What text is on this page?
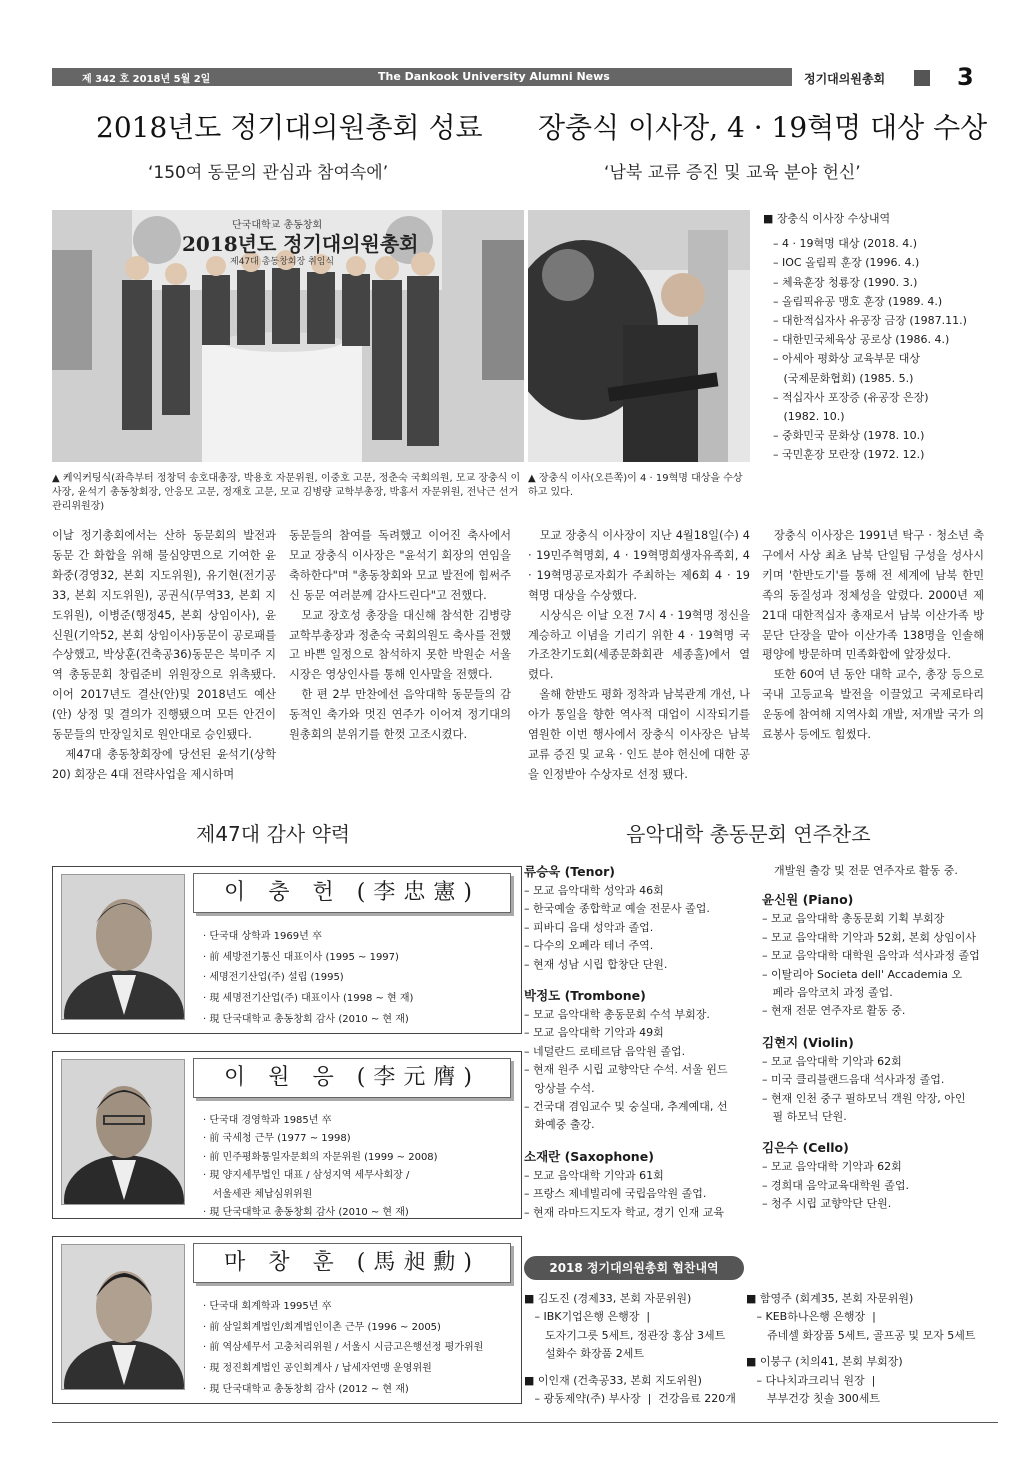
제 342 호 2018년 5월 2일	The Dankook University Alumni News	정기대의원총회	3
2018년도 정기대의원총회 성료
‘150여 동문의 관심과 참여속에’
단국대학교 총동창회
2018년도 정기대의원총회
제47대 총동창회장 취임식
▲ 케익커팅식(좌측부터 정창덕 송호대총장, 박용호 자문위원, 이중호 고문, 정춘숙 국회의원, 모교 장충식 이사장, 윤석기 총동창회장, 안응모 고문, 정재호 고문, 모교 김병량 교학부총장, 박홍서 자문위원, 전낙근 선거관리위원장)
이날 정기총회에서는 산하 동문회의 발전과 동문 간 화합을 위해 물심양면으로 기여한 윤화중(경영32, 본회 지도위원), 유기현(전기공33, 본회 지도위원), 공권식(무역33, 본회 지도위원), 이병준(행정45, 본회 상임이사), 윤신원(기악52, 본회 상임이사)동문이 공로패를 수상했고, 박상훈(건축공36)동문은 북미주 지역 총동문회 창립준비 위원장으로 위촉됐다. 이어 2017년도 결산(안)및 2018년도 예산(안) 상정 및 결의가 진행됐으며 모든 안건이 동문들의 만장일치로 원안대로 승인됐다.
　제47대 총동창회장에 당선된 윤석기(상학20) 회장은 4대 전략사업을 제시하며
동문들의 참여를 독려했고 이어진 축사에서 모교 장충식 이사장은 "윤석기 회장의 연임을 축하한다"며 "총동창회와 모교 발전에 힘써주신 동문 여러분께 감사드린다"고 전했다.
　모교 장호성 총장을 대신해 참석한 김병량 교학부총장과 정춘숙 국회의원도 축사를 전했고 바쁜 일정으로 참석하지 못한 박원순 서울시장은 영상인사를 통해 인사말을 전했다.
　한 편 2부 만찬에선 음악대학 동문들의 감동적인 축가와 멋진 연주가 이어져 정기대의원총회의 분위기를 한껏 고조시켰다.
장충식 이사장, 4 · 19혁명 대상 수상
‘남북 교류 증진 및 교육 분야 헌신’
▲ 장충식 이사(오른쪽)이 4 · 19혁명 대상을 수상하고 있다.
■ 장충식 이사장 수상내역
– 4 · 19혁명 대상 (2018. 4.)
– IOC 올림픽 훈장 (1996. 4.)
– 체육훈장 청룡장 (1990. 3.)
– 올림픽유공 맹호 훈장 (1989. 4.)
– 대한적십자사 유공장 금장 (1987.11.)
– 대한민국체육상 공로상 (1986. 4.)
– 아세아 평화상 교육부문 대상
(국제문화협회) (1985. 5.)
– 적십자사 포장증 (유공장 은장)
(1982. 10.)
– 중화민국 문화상 (1978. 10.)
– 국민훈장 모란장 (1972. 12.)
　모교 장충식 이사장이 지난 4월18일(수) 4 · 19민주혁명회, 4 · 19혁명희생자유족회, 4 · 19혁명공로자회가 주최하는 제6회 4 · 19혁명 대상을 수상했다.
　시상식은 이날 오전 7시 4 · 19혁명 정신을 계승하고 이념을 기리기 위한 4 · 19혁명 국가조찬기도회(세종문화회관 세종홀)에서 열렸다.
　올해 한반도 평화 정착과 남북관계 개선, 나아가 통일을 향한 역사적 대업이 시작되기를 염원한 이번 행사에서 장충식 이사장은 남북 교류 증진 및 교육 · 인도 분야 헌신에 대한 공을 인정받아 수상자로 선정 됐다.
　장충식 이사장은 1991년 탁구 · 청소년 축구에서 사상 최초 남북 단일팀 구성을 성사시키며 '한반도기'를 통해 전 세계에 남북 한민족의 동질성과 정체성을 알렸다. 2000년 제21대 대한적십자 총재로서 남북 이산가족 방문단 단장을 맡아 이산가족 138명을 인솔해 평양에 방문하며 민족화합에 앞장섰다.
　또한 60여 년 동안 대학 교수, 총장 등으로 국내 고등교육 발전을 이끌었고 국제로타리 운동에 참여해 지역사회 개발, 저개발 국가 의료봉사 등에도 힘썼다.
제47대 감사 약력
이 충 헌 (李忠憲)
· 단국대 상학과 1969년 卒
· 前 세방전기통신 대표이사 (1995 ~ 1997)
· 세명전기산업(주) 설립 (1995)
· 現 세명전기산업(주) 대표이사 (1998 ~ 현 재)
· 現 단국대학교 총동창회 감사 (2010 ~ 현 재)
이 원 응 (李元膺)
· 단국대 경영학과 1985년 卒
· 前 국세청 근무 (1977 ~ 1998)
· 前 민주평화통일자문회의 자문위원 (1999 ~ 2008)
· 現 양지세무법인 대표 / 삼성지역 세무사회장 /
서울세관 체납심위위원
· 現 단국대학교 총동창회 감사 (2010 ~ 현 재)
마 창 훈 (馬昶勳)
· 단국대 회계학과 1995년 卒
· 前 삼일회계법인/회계법인이촌 근무 (1996 ~ 2005)
· 前 역삼세무서 고충처리위원 / 서울시 시금고은행선정 평가위원
· 現 정진회계법인 공인회계사 / 납세자연맹 운영위원
· 現 단국대학교 총동창회 감사 (2012 ~ 현 재)
음악대학 총동문회 연주찬조
류승욱 (Tenor)
– 모교 음악대학 성악과 46회
– 한국예술 종합학교 예술 전문사 졸업.
– 피바디 음대 성악과 졸업.
– 다수의 오페라 테너 주역.
– 현재 성남 시립 합창단 단원.
박정도 (Trombone)
– 모교 음악대학 총동문회 수석 부회장.
– 모교 음악대학 기악과 49회
– 네덜란드 로테르담 음악원 졸업.
– 현재 원주 시립 교향악단 수석. 서울 윈드
앙상블 수석.
– 건국대 겸임교수 및 숭실대, 추계예대, 선
화예중 출강.
소재란 (Saxophone)
– 모교 음악대학 기악과 61회
– 프랑스 제네빌리에 국립음악원 졸업.
– 현재 라마드지도자 학교, 경기 인재 교육
개발원 출강 및 전문 연주자로 활동 중.
윤신원 (Piano)
– 모교 음악대학 총동문회 기획 부회장
– 모교 음악대학 기악과 52회, 본회 상임이사
– 모교 음악대학 대학원 음악과 석사과정 졸업
– 이탈리아 Societa dell' Accademia 오
페라 음악코치 과정 졸업.
– 현재 전문 연주자로 활동 중.
김현지 (Violin)
– 모교 음악대학 기악과 62회
– 미국 클리블랜드음대 석사과정 졸업.
– 현재 인천 중구 필하모닉 객원 악장, 아인
필 하모닉 단원.
김은수 (Cello)
– 모교 음악대학 기악과 62회
– 경희대 음악교육대학원 졸업.
– 청주 시립 교향악단 단원.
2018 정기대의원총회 협찬내역
■ 김도진 (경제33, 본회 자문위원)
– IBK기업은행 은행장  |
도자기그릇 5세트, 정관장 홍삼 3세트
설화수 화장품 2세트
■ 이인재 (건축공33, 본회 지도위원)
– 광동제약(주) 부사장  |  건강음료 220개
■ 함영주 (회계35, 본회 자문위원)
– KEB하나은행 은행장  |
쥬네셀 화장품 5세트, 골프공 및 모자 5세트
■ 이붕구 (치의41, 본회 부회장)
– 다나치과크리닉 원장  |
부부건강 칫솔 300세트
